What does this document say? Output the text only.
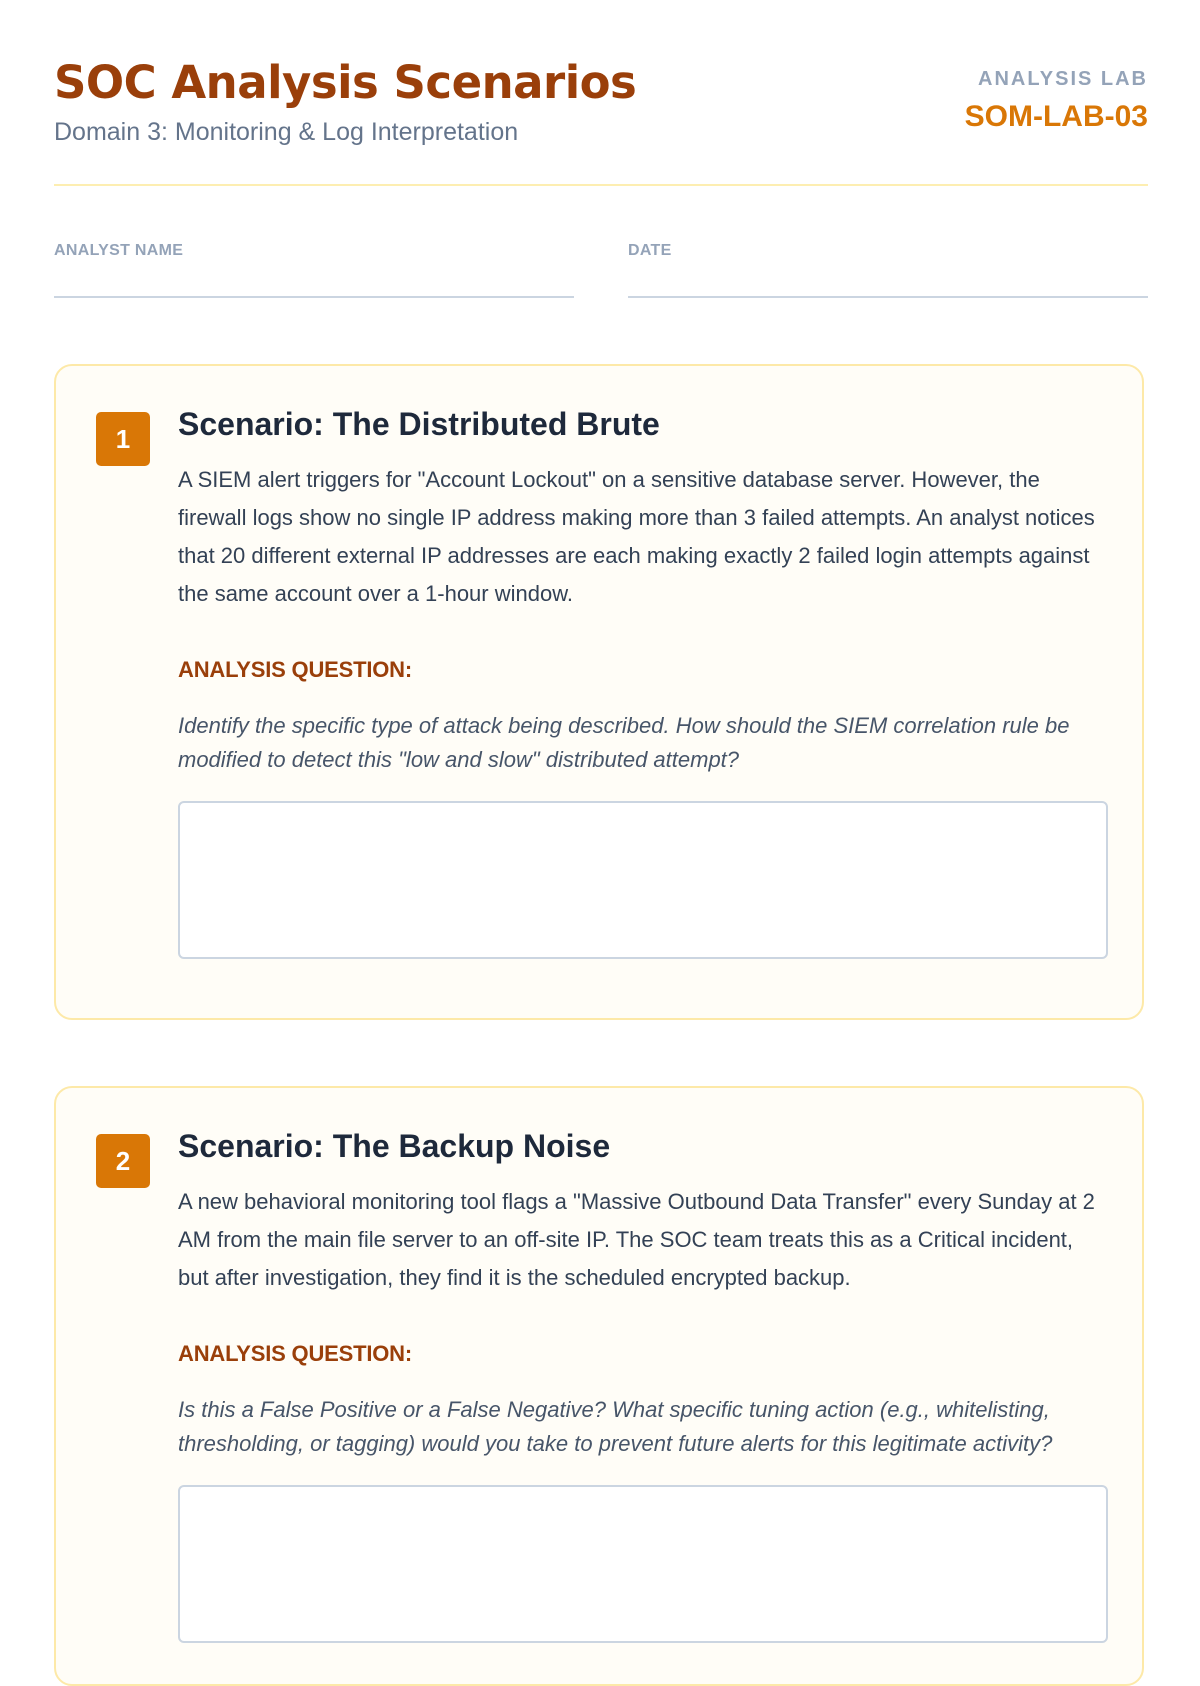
SOC Analysis Scenarios
Domain 3: Monitoring & Log Interpretation
ANALYSIS LAB
SOM-LAB-03
ANALYST NAME	DATE
1	Scenario: The Distributed Brute

A SIEM alert triggers for "Account Lockout" on a sensitive database server. However, the firewall logs show no single IP address making more than 3 failed attempts. An analyst notices that 20 different external IP addresses are each making exactly 2 failed login attempts against the same account over a 1-hour window.

ANALYSIS QUESTION:
Identify the specific type of attack being described. How should the SIEM correlation rule be modified to detect this "low and slow" distributed attempt?
2	Scenario: The Backup Noise

A new behavioral monitoring tool flags a "Massive Outbound Data Transfer" every Sunday at 2 AM from the main file server to an off-site IP. The SOC team treats this as a Critical incident, but after investigation, they find it is the scheduled encrypted backup.

ANALYSIS QUESTION:
Is this a False Positive or a False Negative? What specific tuning action (e.g., whitelisting, thresholding, or tagging) would you take to prevent future alerts for this legitimate activity?
